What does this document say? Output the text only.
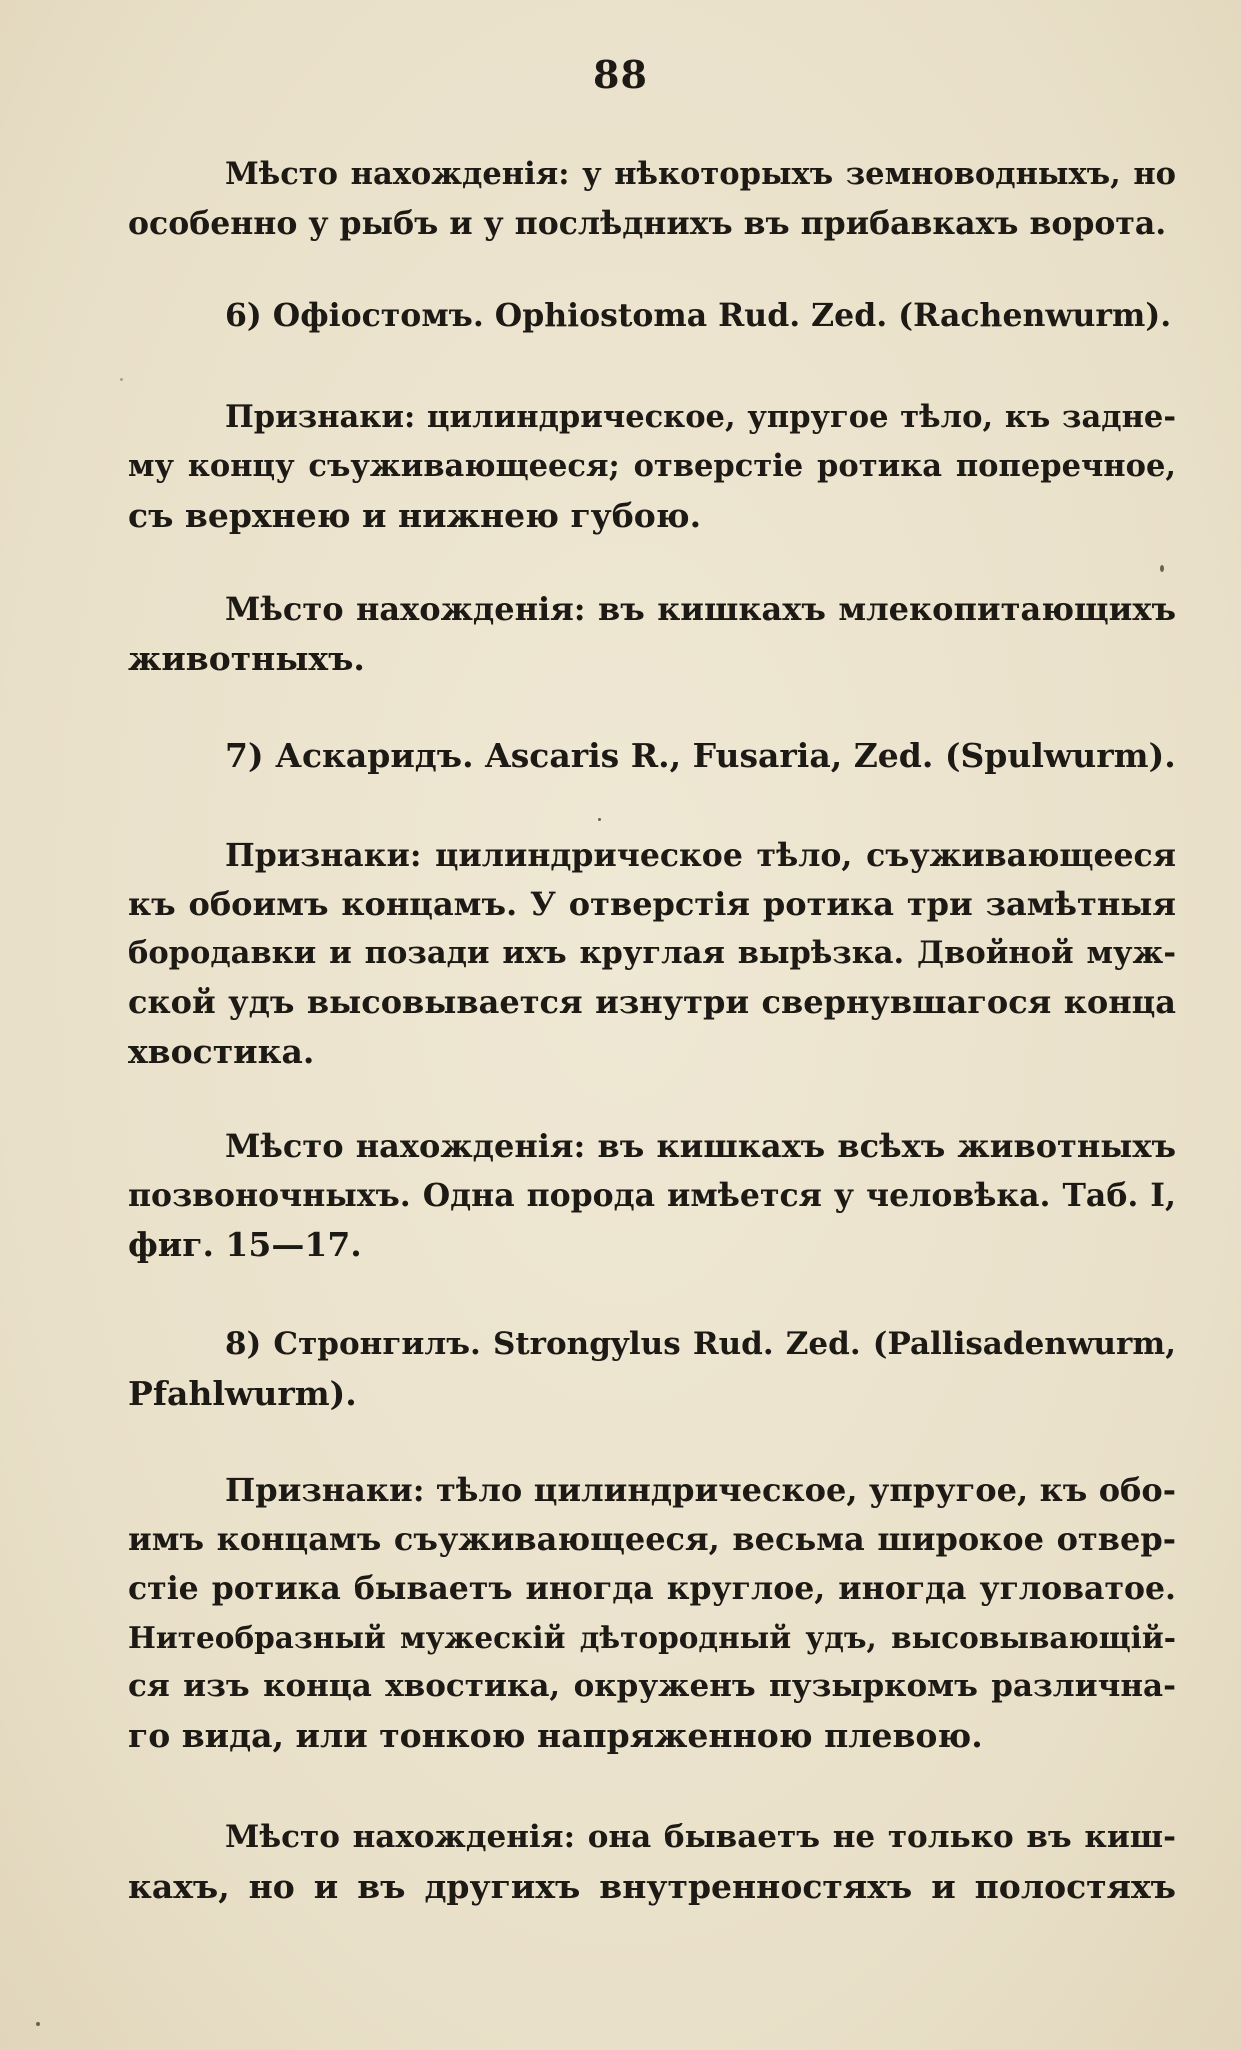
88

Мѣсто нахожденія: у нѣкоторыхъ земноводныхъ, но
особенно у рыбъ и у послѣднихъ въ прибавкахъ ворота.

6) Офіостомъ. Ophiostoma Rud. Zed. (Rachenwurm).

Признаки: цилиндрическое, упругое тѣло, къ задне-
му концу съуживающееся; отверстіе ротика поперечное,
съ верхнею и нижнею губою.

Мѣсто нахожденія: въ кишкахъ млекопитающихъ
животныхъ.

7) Аскаридъ. Ascaris R., Fusaria, Zed. (Spulwurm).

Признаки: цилиндрическое тѣло, съуживающееся
къ обоимъ концамъ. У отверстія ротика три замѣтныя
бородавки и позади ихъ круглая вырѣзка. Двойной муж-
ской удъ высовывается изнутри свернувшагося конца
хвостика.

Мѣсто нахожденія: въ кишкахъ всѣхъ животныхъ
позвоночныхъ. Одна порода имѣется у человѣка. Таб. I,
фиг. 15—17.

8) Стронгилъ. Strongylus Rud. Zed. (Pallisadenwurm,
Pfahlwurm).

Признаки: тѣло цилиндрическое, упругое, къ обо-
имъ концамъ съуживающееся, весьма широкое отвер-
стіе ротика бываетъ иногда круглое, иногда угловатое.
Нитеобразный мужескій дѣтородный удъ, высовывающій-
ся изъ конца хвостика, окруженъ пузыркомъ различна-
го вида, или тонкою напряженною плевою.

Мѣсто нахожденія: она бываетъ не только въ киш-
кахъ, но и въ другихъ внутренностяхъ и полостяхъ
